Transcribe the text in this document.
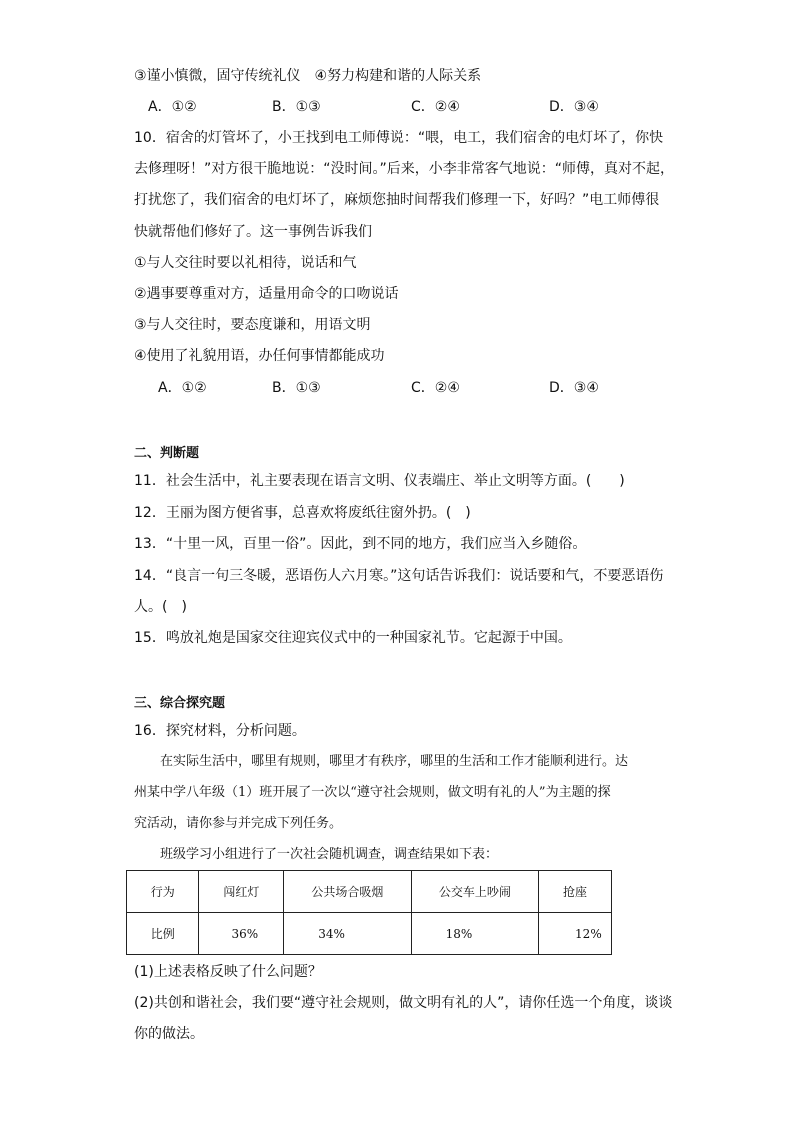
③谨小慎微，固守传统礼仪　④努力构建和谐的人际关系
A．①②	B．①③	C．②④	D．③④
10．宿舍的灯管坏了，小王找到电工师傅说：“喂，电工，我们宿舍的电灯坏了，你快
去修理呀！”对方很干脆地说：“没时间。”后来，小李非常客气地说：“师傅，真对不起，
打扰您了，我们宿舍的电灯坏了，麻烦您抽时间帮我们修理一下，好吗？”电工师傅很
快就帮他们修好了。这一事例告诉我们
①与人交往时要以礼相待，说话和气
②遇事要尊重对方，适量用命令的口吻说话
③与人交往时，要态度谦和，用语文明
④使用了礼貌用语，办任何事情都能成功
A．①②	B．①③	C．②④	D．③④
二、判断题
11．社会生活中，礼主要表现在语言文明、仪表端庄、举止文明等方面。(　　)
12．王丽为图方便省事，总喜欢将废纸往窗外扔。(　)
13．“十里一风，百里一俗”。因此，到不同的地方，我们应当入乡随俗。
14．“良言一句三冬暖，恶语伤人六月寒。”这句话告诉我们：说话要和气，不要恶语伤
人。(　)
15．鸣放礼炮是国家交往迎宾仪式中的一种国家礼节。它起源于中国。
三、综合探究题
16．探究材料，分析问题。
在实际生活中，哪里有规则，哪里才有秩序，哪里的生活和工作才能顺利进行。达
州某中学八年级（1）班开展了一次以“遵守社会规则，做文明有礼的人”为主题的探
究活动，请你参与并完成下列任务。
班级学习小组进行了一次社会随机调查，调查结果如下表：
行为	闯红灯	公共场合吸烟	公交车上吵闹	抢座
比例	36%	34%	18%	12%
(1)上述表格反映了什么问题？
(2)共创和谐社会，我们要“遵守社会规则，做文明有礼的人”，请你任选一个角度，谈谈
你的做法。
